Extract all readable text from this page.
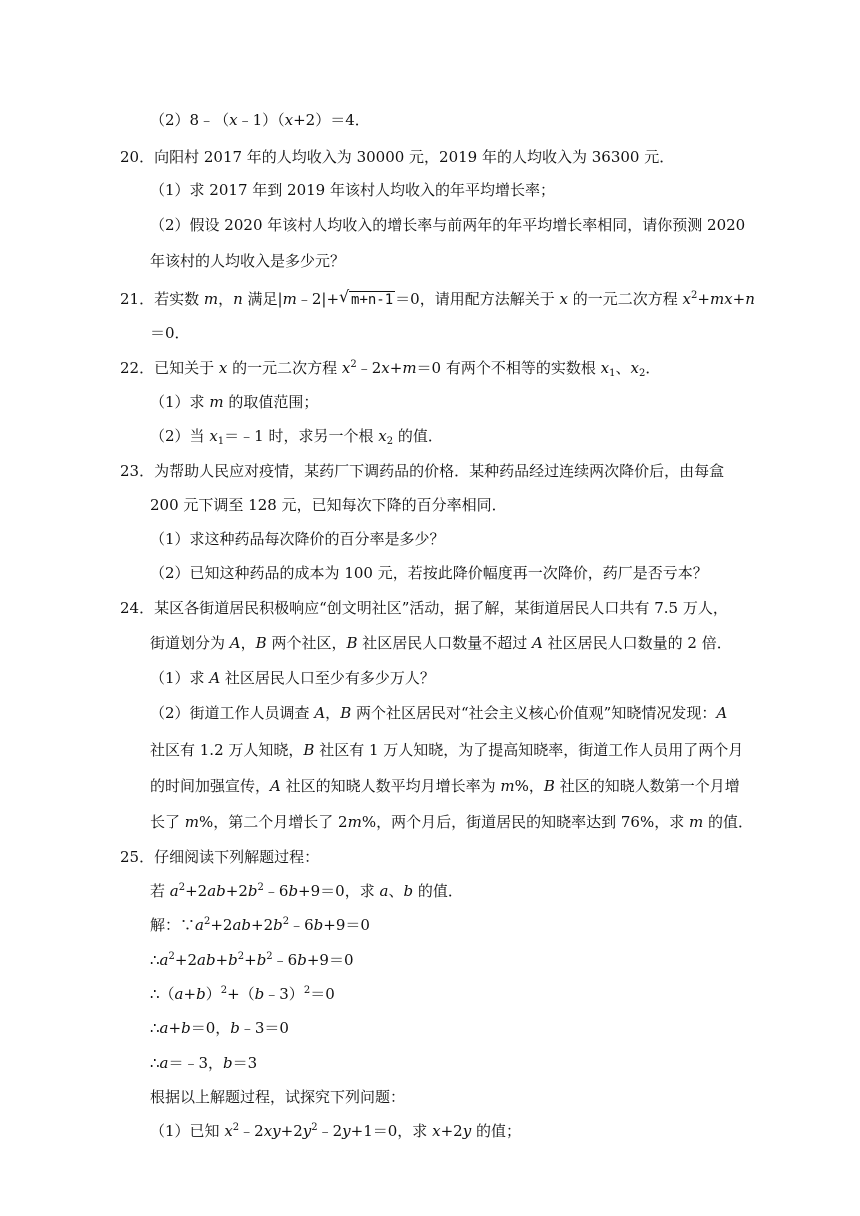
（2）8﹣（x﹣1）（x+2）＝4．
20．向阳村 2017 年的人均收入为 30000 元，2019 年的人均收入为 36300 元．
（1）求 2017 年到 2019 年该村人均收入的年平均增长率；
（2）假设 2020 年该村人均收入的增长率与前两年的年平均增长率相同，请你预测 2020
年该村的人均收入是多少元？
21．若实数 m，n 满足|m﹣2|+ √ m+n-1 ＝0，请用配方法解关于 x 的一元二次方程 $x^2+mx+n$
＝0．
22．已知关于 x 的一元二次方程 $x^2﹣2x+m=0$ 有两个不相等的实数根 $x_1$、$x_2$．
（1）求 m 的取值范围；
（2）当 $x_1=﹣1$ 时，求另一个根 $x_2$ 的值．
23．为帮助人民应对疫情，某药厂下调药品的价格．某种药品经过连续两次降价后，由每盒
200 元下调至 128 元，已知每次下降的百分率相同．
（1）求这种药品每次降价的百分率是多少？
（2）已知这种药品的成本为 100 元，若按此降价幅度再一次降价，药厂是否亏本？
24．某区各街道居民积极响应“创文明社区”活动，据了解，某街道居民人口共有 7.5 万人，
街道划分为 A，B 两个社区，B 社区居民人口数量不超过 A 社区居民人口数量的 2 倍．
（1）求 A 社区居民人口至少有多少万人？
（2）街道工作人员调查 A，B 两个社区居民对“社会主义核心价值观”知晓情况发现：A
社区有 1.2 万人知晓，B 社区有 1 万人知晓，为了提高知晓率，街道工作人员用了两个月
的时间加强宣传，A 社区的知晓人数平均月增长率为 m%，B 社区的知晓人数第一个月增
长了 m%，第二个月增长了 2m%，两个月后，街道居民的知晓率达到 76%，求 m 的值．
25．仔细阅读下列解题过程：
若 $a^2+2ab+2b^2﹣6b+9=0$，求 a、b 的值．
解：$\because a^2+2ab+2b^2﹣6b+9=0$
$\therefore a^2+2ab+b^2+b^2﹣6b+9=0$
$\therefore(a+b)^2+(b﹣3)^2=0$
∴a+b＝0，b﹣3＝0
∴a＝﹣3，b＝3
根据以上解题过程，试探究下列问题：
（1）已知 $x^2﹣2xy+2y^2﹣2y+1=0$，求 x+2y 的值；
